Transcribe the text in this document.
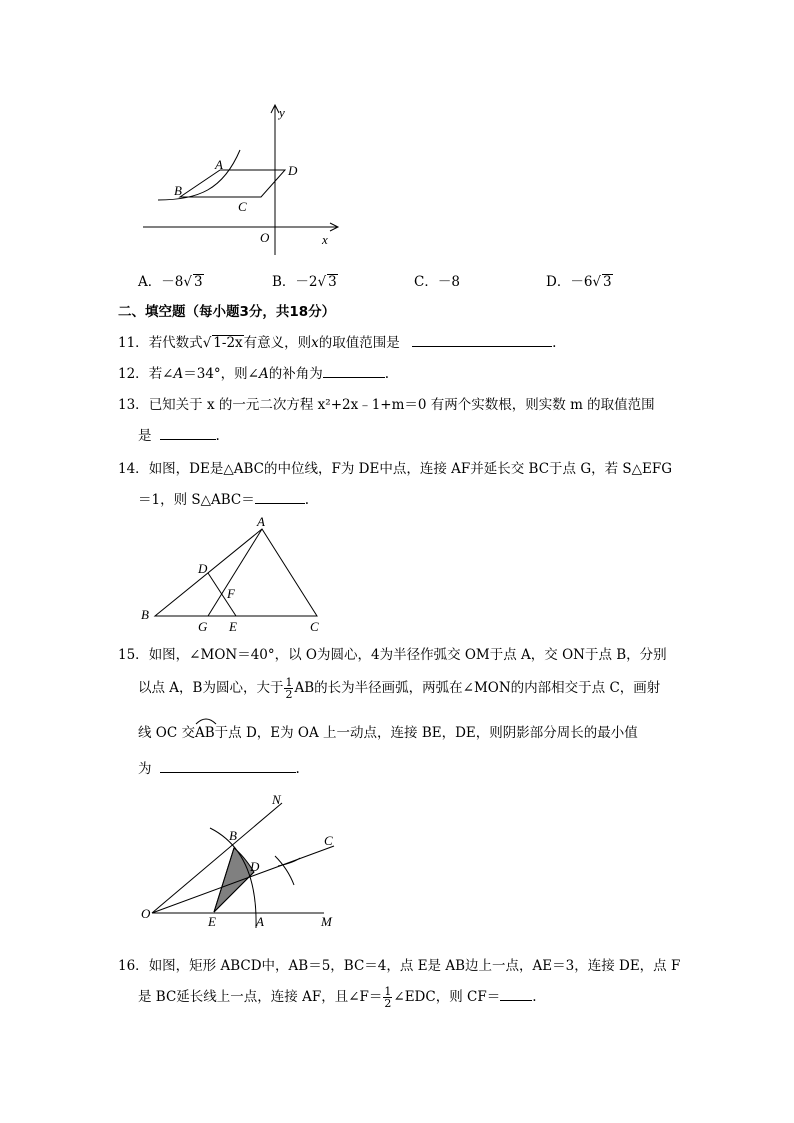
y
x
O
A
B
C
D
A．－8√ 3	B．－2√ 3	C．－8	D．－6√ 3
二、填空题（每小题3分，共18分）
11．若代数式√ 1-2x有意义，则x的取值范围是	.
12．若∠A＝34°，则∠A的补角为	.
13．已知关于 x 的一元二次方程 x²+2x﹣1+m＝0 有两个实数根，则实数 m 的取值范围
是	.
14．如图，DE是△ABC的中位线，F为 DE中点，连接 AF并延长交 BC于点 G，若 S△EFG
＝1，则 S△ABC＝	.
A
B
C
D
E
F
G
15．如图，∠MON＝40°，以 O为圆心，4为半径作弧交 OM于点 A，交 ON于点 B，分别
以点 A，B为圆心，大于 $\frac{1}{2}$ AB的长为半径画弧，两弧在∠MON的内部相交于点 C，画射
线 OC 交
AB于点 D，E为 OA 上一动点，连接 BE，DE，则阴影部分周长的最小值
为	.
N
B	C
D
O
E	A	M
16．如图，矩形 ABCD中，AB＝5，BC＝4，点 E是 AB边上一点，AE＝3，连接 DE，点 F
是 BC延长线上一点，连接 AF，且∠F＝ $\frac{1}{2}$ ∠EDC，则 CF＝ .
